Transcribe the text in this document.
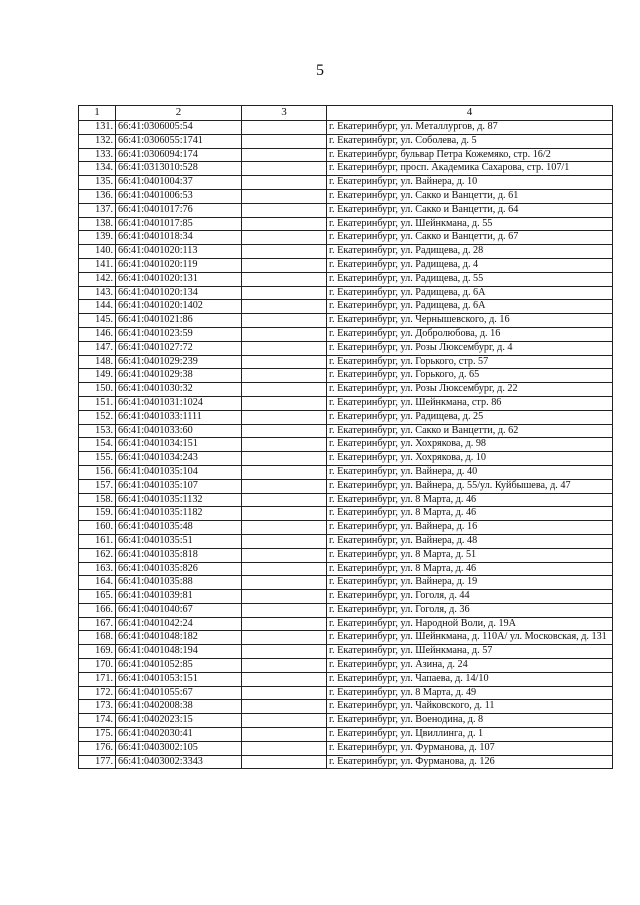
5
1	2	3	4
131.	66:41:0306005:54		г. Екатеринбург, ул. Металлургов, д. 87
132.	66:41:0306055:1741		г. Екатеринбург, ул. Соболева, д. 5
133.	66:41:0306094:174		г. Екатеринбург, бульвар Петра Кожемяко, стр. 16/2
134.	66:41:0313010:528		г. Екатеринбург, просп. Академика Сахарова, стр. 107/1
135.	66:41:0401004:37		г. Екатеринбург, ул. Вайнера, д. 10
136.	66:41:0401006:53		г. Екатеринбург, ул. Сакко и Ванцетти, д. 61
137.	66:41:0401017:76		г. Екатеринбург, ул. Сакко и Ванцетти, д. 64
138.	66:41:0401017:85		г. Екатеринбург, ул. Шейнкмана, д. 55
139.	66:41:0401018:34		г. Екатеринбург, ул. Сакко и Ванцетти, д. 67
140.	66:41:0401020:113		г. Екатеринбург, ул. Радищева, д. 28
141.	66:41:0401020:119		г. Екатеринбург, ул. Радищева, д. 4
142.	66:41:0401020:131		г. Екатеринбург, ул. Радищева, д. 55
143.	66:41:0401020:134		г. Екатеринбург, ул. Радищева, д. 6А
144.	66:41:0401020:1402		г. Екатеринбург, ул. Радищева, д. 6А
145.	66:41:0401021:86		г. Екатеринбург, ул. Чернышевского, д. 16
146.	66:41:0401023:59		г. Екатеринбург, ул. Добролюбова, д. 16
147.	66:41:0401027:72		г. Екатеринбург, ул. Розы Люксембург, д. 4
148.	66:41:0401029:239		г. Екатеринбург, ул. Горького, стр. 57
149.	66:41:0401029:38		г. Екатеринбург, ул. Горького, д. 65
150.	66:41:0401030:32		г. Екатеринбург, ул. Розы Люксембург, д. 22
151.	66:41:0401031:1024		г. Екатеринбург, ул. Шейнкмана, стр. 86
152.	66:41:0401033:1111		г. Екатеринбург, ул. Радищева, д. 25
153.	66:41:0401033:60		г. Екатеринбург, ул. Сакко и Ванцетти, д. 62
154.	66:41:0401034:151		г. Екатеринбург, ул. Хохрякова, д. 98
155.	66:41:0401034:243		г. Екатеринбург, ул. Хохрякова, д. 10
156.	66:41:0401035:104		г. Екатеринбург, ул. Вайнера, д. 40
157.	66:41:0401035:107		г. Екатеринбург, ул. Вайнера, д. 55/ул. Куйбышева, д. 47
158.	66:41:0401035:1132		г. Екатеринбург, ул. 8 Марта, д. 46
159.	66:41:0401035:1182		г. Екатеринбург, ул. 8 Марта, д. 46
160.	66:41:0401035:48		г. Екатеринбург, ул. Вайнера, д. 16
161.	66:41:0401035:51		г. Екатеринбург, ул. Вайнера, д. 48
162.	66:41:0401035:818		г. Екатеринбург, ул. 8 Марта, д. 51
163.	66:41:0401035:826		г. Екатеринбург, ул. 8 Марта, д. 46
164.	66:41:0401035:88		г. Екатеринбург, ул. Вайнера, д. 19
165.	66:41:0401039:81		г. Екатеринбург, ул. Гоголя, д. 44
166.	66:41:0401040:67		г. Екатеринбург, ул. Гоголя, д. 36
167.	66:41:0401042:24		г. Екатеринбург, ул. Народной Воли, д. 19А
168.	66:41:0401048:182		г. Екатеринбург, ул. Шейнкмана, д. 110А/ ул. Московская, д. 131
169.	66:41:0401048:194		г. Екатеринбург, ул. Шейнкмана, д. 57
170.	66:41:0401052:85		г. Екатеринбург, ул. Азина, д. 24
171.	66:41:0401053:151		г. Екатеринбург, ул. Чапаева, д. 14/10
172.	66:41:0401055:67		г. Екатеринбург, ул. 8 Марта, д. 49
173.	66:41:0402008:38		г. Екатеринбург, ул. Чайковского, д. 11
174.	66:41:0402023:15		г. Екатеринбург, ул. Военодина, д. 8
175.	66:41:0402030:41		г. Екатеринбург, ул. Цвиллинга, д. 1
176.	66:41:0403002:105		г. Екатеринбург, ул. Фурманова, д. 107
177.	66:41:0403002:3343		г. Екатеринбург, ул. Фурманова, д. 126
